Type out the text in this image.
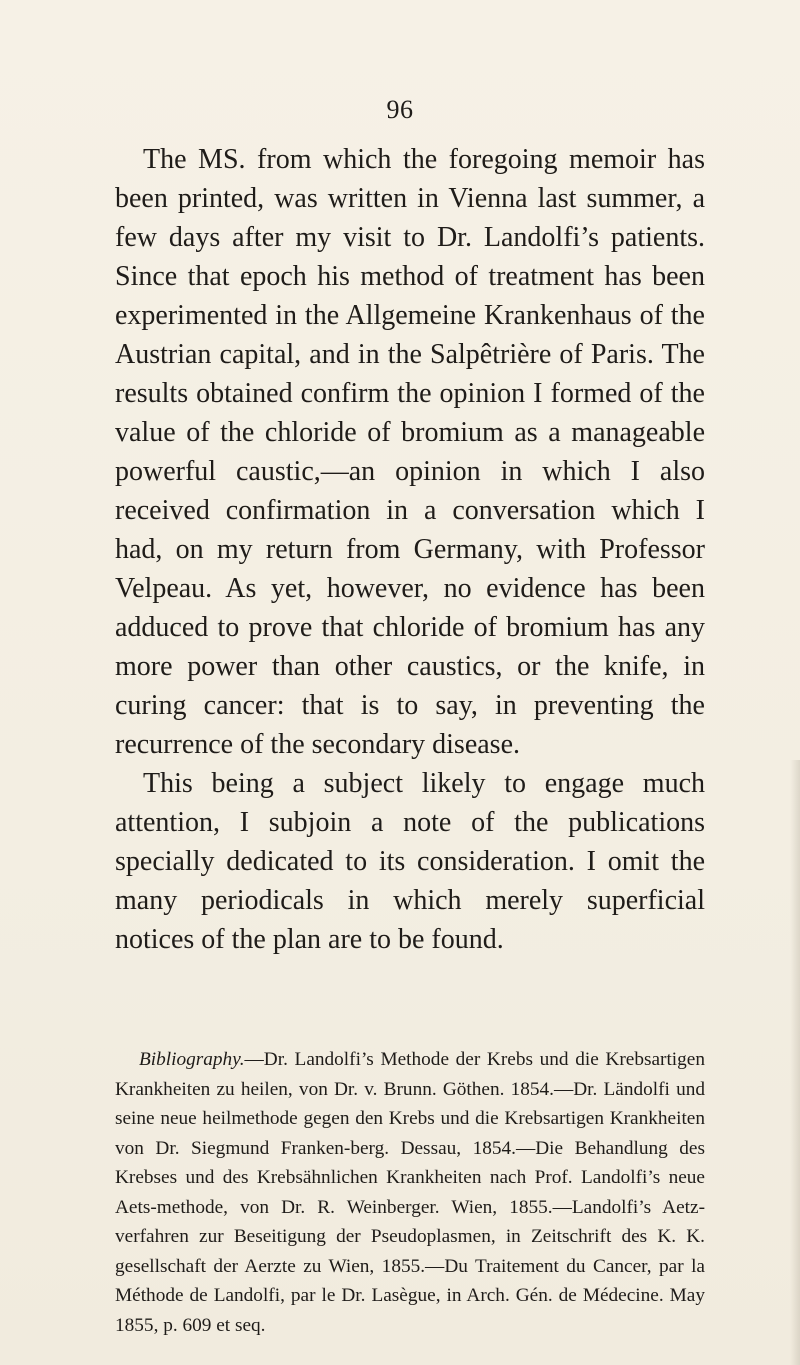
96

The MS. from which the foregoing memoir has been printed, was written in Vienna last summer, a few days after my visit to Dr. Landolfi’s patients. Since that epoch his method of treatment has been experimented in the Allgemeine Krankenhaus of the Austrian capital, and in the Salpêtrière of Paris. The results obtained confirm the opinion I formed of the value of the chloride of bromium as a manageable powerful caustic,—an opinion in which I also received confirmation in a conversation which I had, on my return from Germany, with Professor Velpeau. As yet, however, no evidence has been adduced to prove that chloride of bromium has any more power than other caustics, or the knife, in curing cancer: that is to say, in preventing the recurrence of the secondary disease.

This being a subject likely to engage much attention, I subjoin a note of the publications specially dedicated to its consideration. I omit the many periodicals in which merely superficial notices of the plan are to be found.

Bibliography.—Dr. Landolfi’s Methode der Krebs und die Krebsartigen Krankheiten zu heilen, von Dr. v. Brunn. Göthen. 1854.—Dr. Ländolfi und seine neue heilmethode gegen den Krebs und die Krebsartigen Krankheiten von Dr. Siegmund Franken-berg. Dessau, 1854.—Die Behandlung des Krebses und des Krebsähnlichen Krankheiten nach Prof. Landolfi’s neue Aets-methode, von Dr. R. Weinberger. Wien, 1855.—Landolfi’s Aetz-verfahren zur Beseitigung der Pseudoplasmen, in Zeitschrift des K. K. gesellschaft der Aerzte zu Wien, 1855.—Du Traitement du Cancer, par la Méthode de Landolfi, par le Dr. Lasègue, in Arch. Gén. de Médecine. May 1855, p. 609 et seq.
